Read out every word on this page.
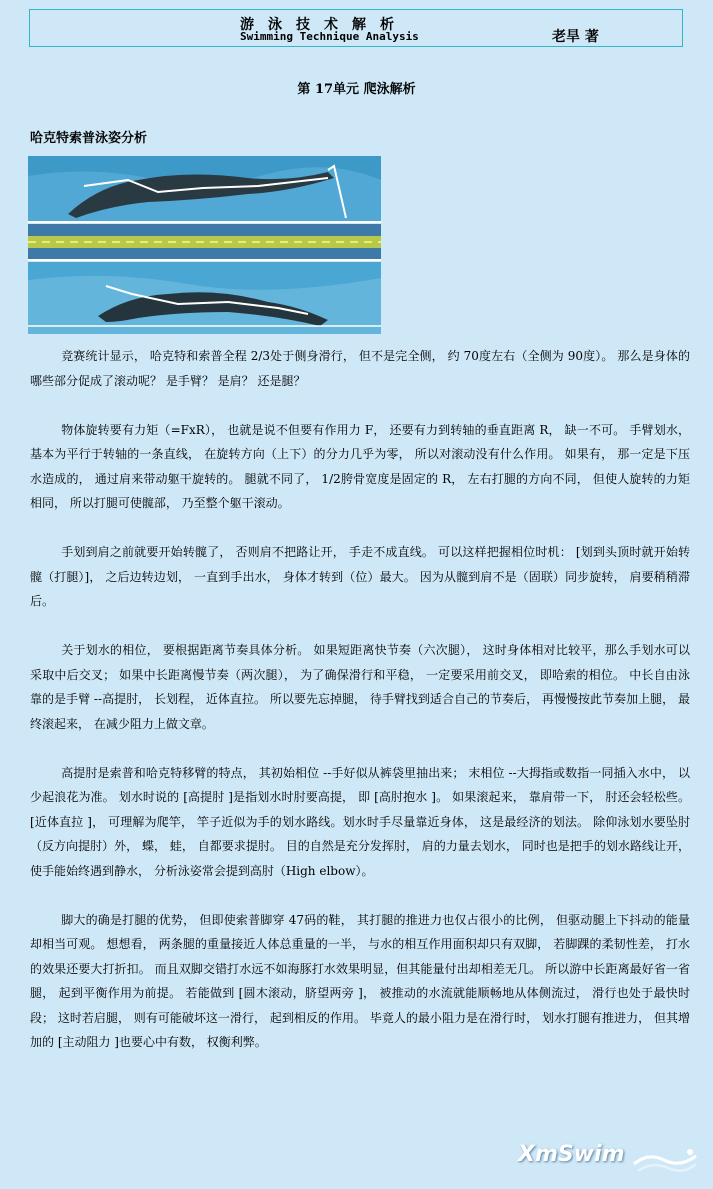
游泳技术解析
Swimming Technique Analysis	老旱 著
第 17单元 爬泳解析
哈克特索普泳姿分析

竞赛统计显示， 哈克特和索普全程 2/3处于侧身滑行， 但不是完全侧， 约 70度左右（全侧为 90度）。 那么是身体的哪些部分促成了滚动呢？ 是手臂？ 是肩？ 还是腿？

物体旋转要有力矩（=FxR）， 也就是说不但要有作用力 F， 还要有力到转轴的垂直距离 R， 缺一不可。 手臂划水， 基本为平行于转轴的一条直线， 在旋转方向（上下）的分力几乎为零， 所以对滚动没有什么作用。 如果有， 那一定是下压水造成的， 通过肩来带动躯干旋转的。 腿就不同了， 1/2胯骨宽度是固定的 R， 左右打腿的方向不同， 但使人旋转的力矩相同， 所以打腿可使髋部， 乃至整个躯干滚动。

手划到肩之前就要开始转髋了， 否则肩不把路让开， 手走不成直线。 可以这样把握相位时机： [划到头顶时就开始转髋（打腿）]， 之后边转边划， 一直到手出水， 身体才转到（位）最大。 因为从髋到肩不是（固联）同步旋转， 肩要稍稍滞后。

关于划水的相位， 要根据距离节奏具体分析。 如果短距离快节奏（六次腿）， 这时身体相对比较平，那么手划水可以采取中后交叉； 如果中长距离慢节奏（两次腿）， 为了确保滑行和平稳， 一定要采用前交叉， 即哈索的相位。 中长自由泳靠的是手臂 --高提肘， 长划程， 近体直拉。 所以要先忘掉腿， 待手臂找到适合自己的节奏后， 再慢慢按此节奏加上腿， 最终滚起来， 在减少阻力上做文章。

高提肘是索普和哈克特移臂的特点， 其初始相位 --手好似从裤袋里抽出来； 末相位 --大拇指或数指一同插入水中， 以少起浪花为准。 划水时说的 [高提肘 ]是指划水时肘要高提， 即 [高肘抱水 ]。 如果滚起来， 靠肩带一下， 肘还会轻松些。 [近体直拉 ]， 可理解为爬竿， 竿子近似为手的划水路线。划水时手尽量靠近身体， 这是最经济的划法。 除仰泳划水要坠肘（反方向提肘）外， 蝶， 蛙， 自都要求提肘。 目的自然是充分发挥肘， 肩的力量去划水， 同时也是把手的划水路线让开， 使手能始终遇到静水， 分析泳姿常会提到高肘（High elbow）。

脚大的确是打腿的优势， 但即使索普脚穿 47码的鞋， 其打腿的推进力也仅占很小的比例， 但驱动腿上下抖动的能量却相当可观。 想想看， 两条腿的重量接近人体总重量的一半， 与水的相互作用面积却只有双脚， 若脚踝的柔韧性差， 打水的效果还要大打折扣。 而且双脚交错打水远不如海豚打水效果明显，但其能量付出却相差无几。 所以游中长距离最好省一省腿， 起到平衡作用为前提。 若能做到 [圆木滚动，脐望两旁 ]， 被推动的水流就能顺畅地从体侧流过， 滑行也处于最快时段； 这时若启腿， 则有可能破坏这一滑行， 起到相反的作用。 毕竟人的最小阻力是在滑行时， 划水打腿有推进力， 但其增加的 [主动阻力 ]也要心中有数， 权衡利弊。

XmSwim
